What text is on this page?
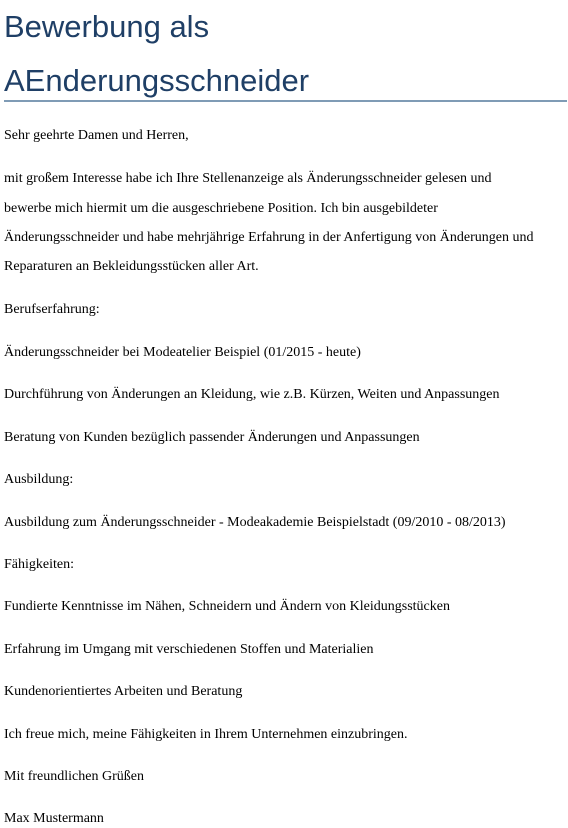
Bewerbung als
AEnderungsschneider

Sehr geehrte Damen und Herren,

mit großem Interesse habe ich Ihre Stellenanzeige als Änderungsschneider gelesen und

bewerbe mich hiermit um die ausgeschriebene Position. Ich bin ausgebildeter

Änderungsschneider und habe mehrjährige Erfahrung in der Anfertigung von Änderungen und

Reparaturen an Bekleidungsstücken aller Art.

Berufserfahrung:

Änderungsschneider bei Modeatelier Beispiel (01/2015 - heute)

Durchführung von Änderungen an Kleidung, wie z.B. Kürzen, Weiten und Anpassungen

Beratung von Kunden bezüglich passender Änderungen und Anpassungen

Ausbildung:

Ausbildung zum Änderungsschneider - Modeakademie Beispielstadt (09/2010 - 08/2013)

Fähigkeiten:

Fundierte Kenntnisse im Nähen, Schneidern und Ändern von Kleidungsstücken

Erfahrung im Umgang mit verschiedenen Stoffen und Materialien

Kundenorientiertes Arbeiten und Beratung

Ich freue mich, meine Fähigkeiten in Ihrem Unternehmen einzubringen.

Mit freundlichen Grüßen

Max Mustermann
